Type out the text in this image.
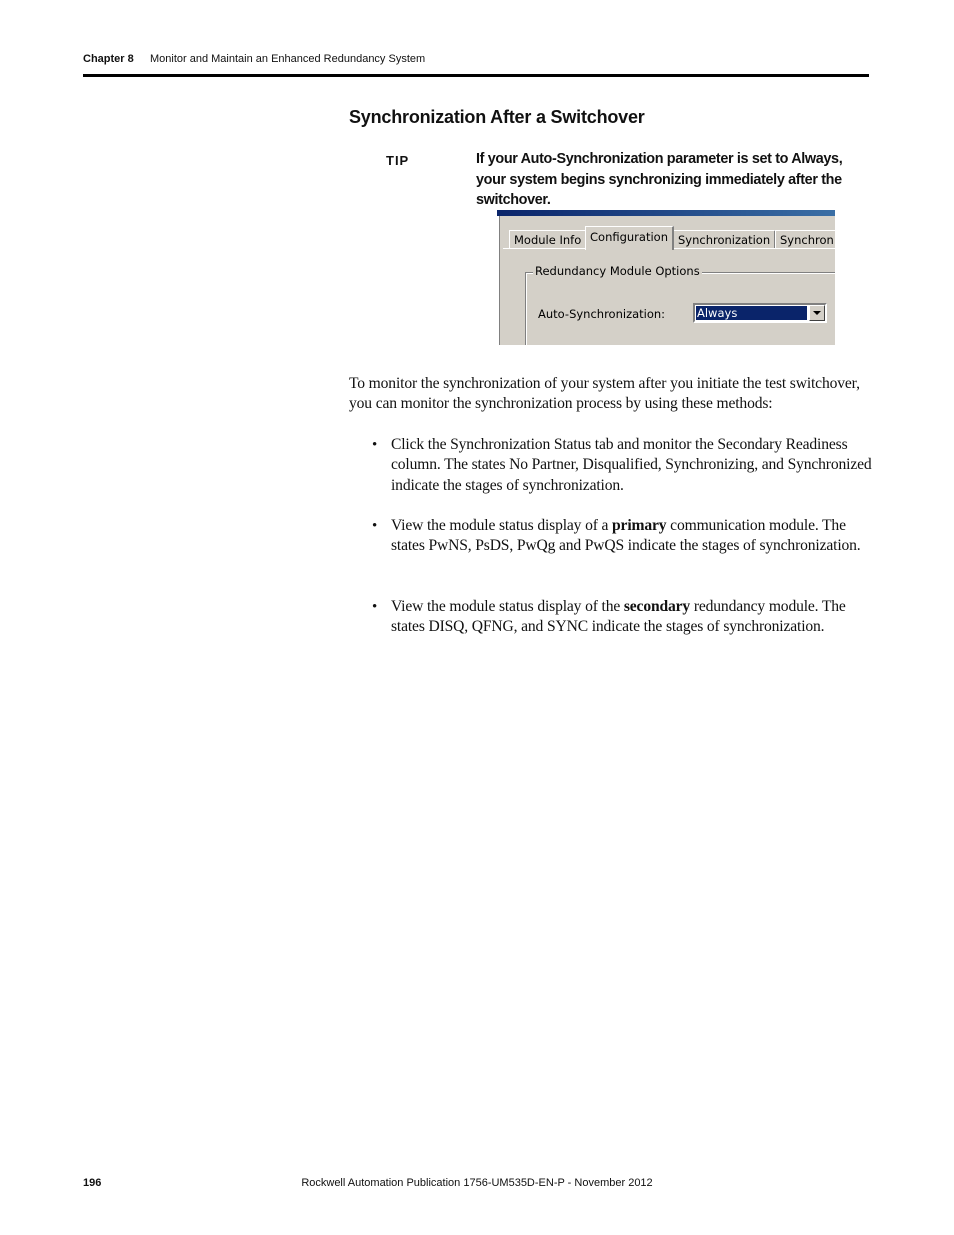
Chapter 8 Monitor and Maintain an Enhanced Redundancy System
Synchronization After a Switchover
TIP	If your Auto-Synchronization parameter is set to Always, your system begins synchronizing immediately after the switchover.
Module Info	Synchronization Synchron
Configuration
Redundancy Module Options
Auto-Synchronization:	Always
To monitor the synchronization of your system after you initiate the test switchover, you can monitor the synchronization process by using these methods:
• Click the Synchronization Status tab and monitor the Secondary Readiness column. The states No Partner, Disqualified, Synchronizing, and Synchronized indicate the stages of synchronization.
• View the module status display of a primary communication module. The states PwNS, PsDS, PwQg and PwQS indicate the stages of synchronization.
• View the module status display of the secondary redundancy module. The states DISQ, QFNG, and SYNC indicate the stages of synchronization.
196	Rockwell Automation Publication 1756-UM535D-EN-P - November 2012
